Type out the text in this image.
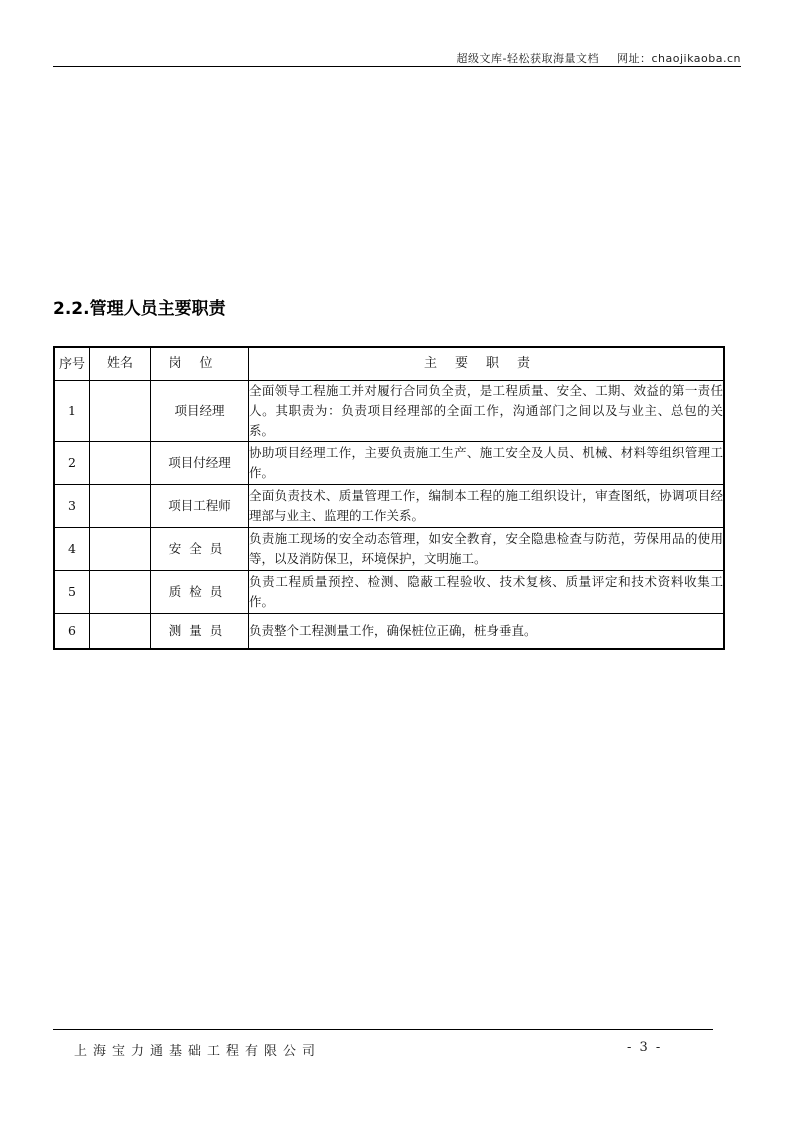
超级文库-轻松获取海量文档 网址：chaojikaoba.cn
2.2.管理人员主要职责
序号	姓名	岗位	主要职责
1		项目经理	全面领导工程施工并对履行合同负全责，是工程质量、安全、工期、效益的第一责任人。其职责为：负责项目经理部的全面工作，沟通部门之间以及与业主、总包的关系。
2		项目付经理	协助项目经理工作，主要负责施工生产、施工安全及人员、机械、材料等组织管理工作。
3		项目工程师	全面负责技术、质量管理工作，编制本工程的施工组织设计，审查图纸，协调项目经理部与业主、监理的工作关系。
4		安全员	负责施工现场的安全动态管理，如安全教育，安全隐患检查与防范，劳保用品的使用等，以及消防保卫，环境保护，文明施工。
5		质检员	负责工程质量预控、检测、隐蔽工程验收、技术复核、质量评定和技术资料收集工作。
6		测量员	负责整个工程测量工作，确保桩位正确，桩身垂直。
上海宝力通基础工程有限公司	- 3 -
